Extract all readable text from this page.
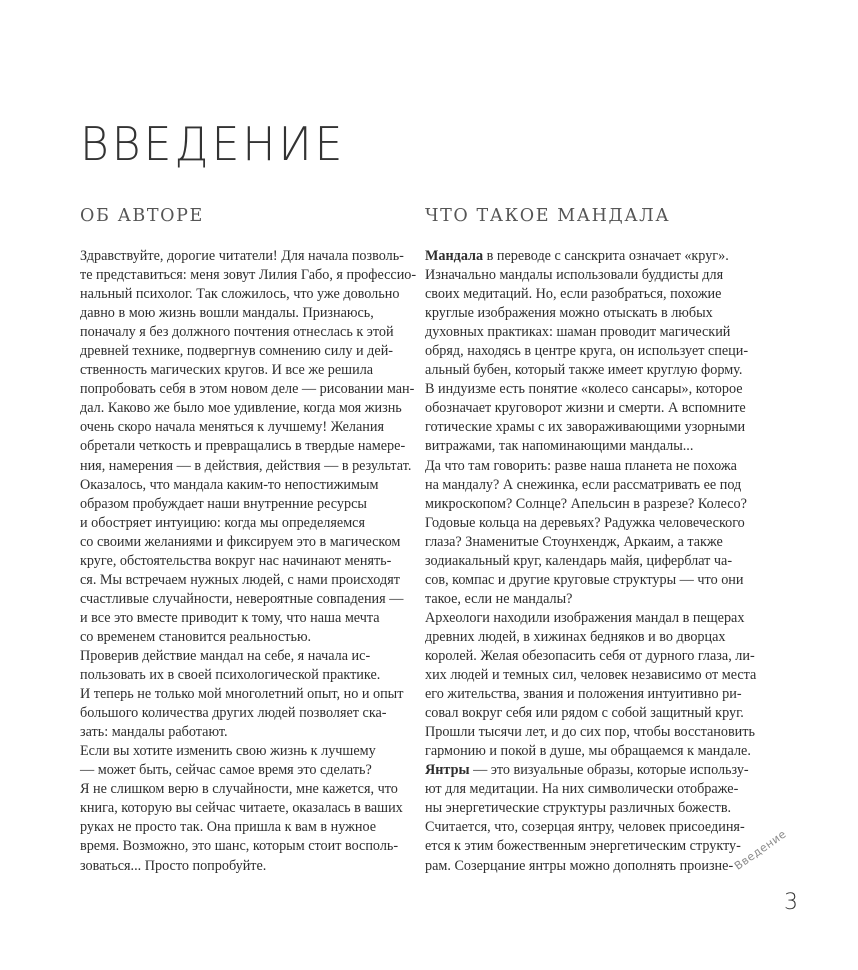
ВВЕДЕНИЕ
ОБ АВТОРЕ
Здравствуйте, дорогие читатели! Для начала позволь-
те представиться: меня зовут Лилия Габо, я профессио-
нальный психолог. Так сложилось, что уже довольно
давно в мою жизнь вошли мандалы. Признаюсь,
поначалу я без должного почтения отнеслась к этой
древней технике, подвергнув сомнению силу и дей-
ственность магических кругов. И все же решила
попробовать себя в этом новом деле — рисовании ман-
дал. Каково же было мое удивление, когда моя жизнь
очень скоро начала меняться к лучшему! Желания
обретали четкость и превращались в твердые намере-
ния, намерения — в действия, действия — в результат.
Оказалось, что мандала каким-то непостижимым
образом пробуждает наши внутренние ресурсы
и обостряет интуицию: когда мы определяемся
со своими желаниями и фиксируем это в магическом
круге, обстоятельства вокруг нас начинают менять-
ся. Мы встречаем нужных людей, с нами происходят
счастливые случайности, невероятные совпадения —
и все это вместе приводит к тому, что наша мечта
со временем становится реальностью.
Проверив действие мандал на себе, я начала ис-
пользовать их в своей психологической практике.
И теперь не только мой многолетний опыт, но и опыт
большого количества других людей позволяет ска-
зать: мандалы работают.
Если вы хотите изменить свою жизнь к лучшему
— может быть, сейчас самое время это сделать?
Я не слишком верю в случайности, мне кажется, что
книга, которую вы сейчас читаете, оказалась в ваших
руках не просто так. Она пришла к вам в нужное
время. Возможно, это шанс, которым стоит восполь-
зоваться... Просто попробуйте.
ЧТО ТАКОЕ МАНДАЛА
Мандала в переводе с санскрита означает «круг».
Изначально мандалы использовали буддисты для
своих медитаций. Но, если разобраться, похожие
круглые изображения можно отыскать в любых
духовных практиках: шаман проводит магический
обряд, находясь в центре круга, он использует специ-
альный бубен, который также имеет круглую форму.
В индуизме есть понятие «колесо сансары», которое
обозначает круговорот жизни и смерти. А вспомните
готические храмы с их завораживающими узорными
витражами, так напоминающими мандалы...
Да что там говорить: разве наша планета не похожа
на мандалу? А снежинка, если рассматривать ее под
микроскопом? Солнце? Апельсин в разрезе? Колесо?
Годовые кольца на деревьях? Радужка человеческого
глаза? Знаменитые Стоунхендж, Аркаим, а также
зодиакальный круг, календарь майя, циферблат ча-
сов, компас и другие круговые структуры — что они
такое, если не мандалы?
Археологи находили изображения мандал в пещерах
древних людей, в хижинах бедняков и во дворцах
королей. Желая обезопасить себя от дурного глаза, ли-
хих людей и темных сил, человек независимо от места
его жительства, звания и положения интуитивно ри-
совал вокруг себя или рядом с собой защитный круг.
Прошли тысячи лет, и до сих пор, чтобы восстановить
гармонию и покой в душе, мы обращаемся к мандале.
Янтры — это визуальные образы, которые использу-
ют для медитации. На них символически отображе-
ны энергетические структуры различных божеств.
Считается, что, созерцая янтру, человек присоединя-
ется к этим божественным энергетическим структу-
рам. Созерцание янтры можно дополнять произне-
Введение
3
